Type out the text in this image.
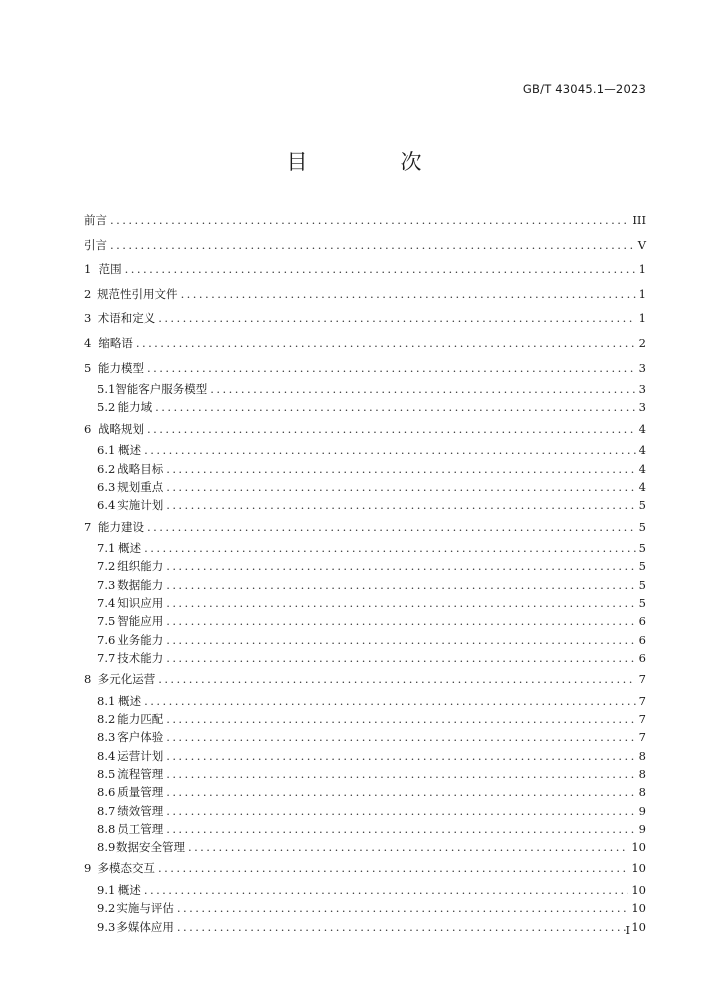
GB/T 43045.1—2023
目　次
前言 . . .	III
引言 . . .	V
1 范围 . . .	1
2 规范性引用文件 . . .	1
3 术语和定义 . . .	1
4 缩略语 . . .	2
5 能力模型 . . .	3
5.1 智能客户服务模型 . . .	3
5.2 能力域 . . .	3
6 战略规划 . . .	4
6.1 概述 . . .	4
6.2 战略目标 . . .	4
6.3 规划重点 . . .	4
6.4 实施计划 . . .	5
7 能力建设 . . .	5
7.1 概述 . . .	5
7.2 组织能力 . . .	5
7.3 数据能力 . . .	5
7.4 知识应用 . . .	5
7.5 智能应用 . . .	6
7.6 业务能力 . . .	6
7.7 技术能力 . . .	6
8 多元化运营 . . .	7
8.1 概述 . . .	7
8.2 能力匹配 . . .	7
8.3 客户体验 . . .	7
8.4 运营计划 . . .	8
8.5 流程管理 . . .	8
8.6 质量管理 . . .	8
8.7 绩效管理 . . .	9
8.8 员工管理 . . .	9
8.9 数据安全管理 . . .	10
9 多模态交互 . . .	10
9.1 概述 . . .	10
9.2 实施与评估 . . .	10
9.3 多媒体应用 . . .	10
I
